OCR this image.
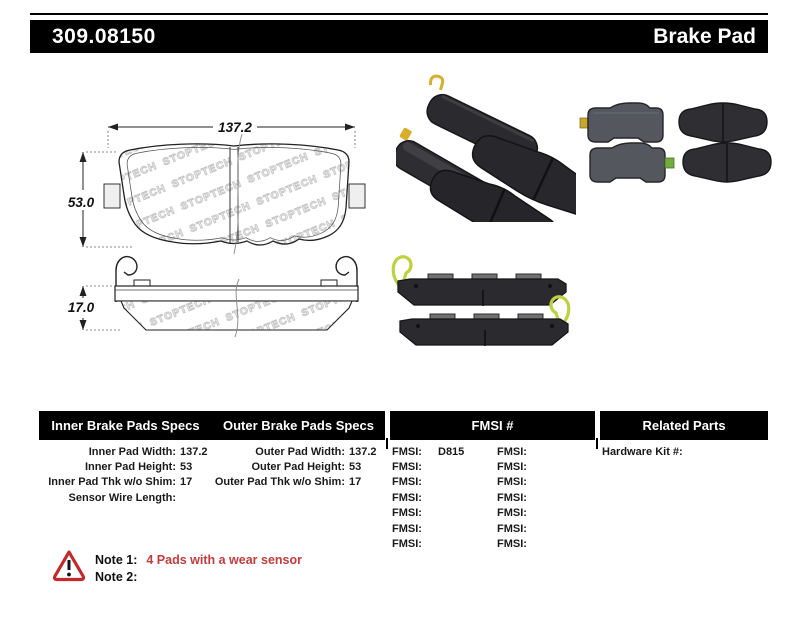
309.08150	Brake Pad
137.2
53.0
17.0
Inner Brake Pads Specs	Outer Brake Pads Specs	FMSI #	Related Parts
Inner Pad Width: 137.2
Inner Pad Height: 53
Inner Pad Thk w/o Shim: 17
Sensor Wire Length:
Outer Pad Width: 137.2
Outer Pad Height: 53
Outer Pad Thk w/o Shim: 17
FMSI:	D815
FMSI:
FMSI:
FMSI:
FMSI:
FMSI:
FMSI:
FMSI:
FMSI:
FMSI:
FMSI:
FMSI:
FMSI:
FMSI:
Hardware Kit #:
Note 1: 4 Pads with a wear sensor
Note 2:
